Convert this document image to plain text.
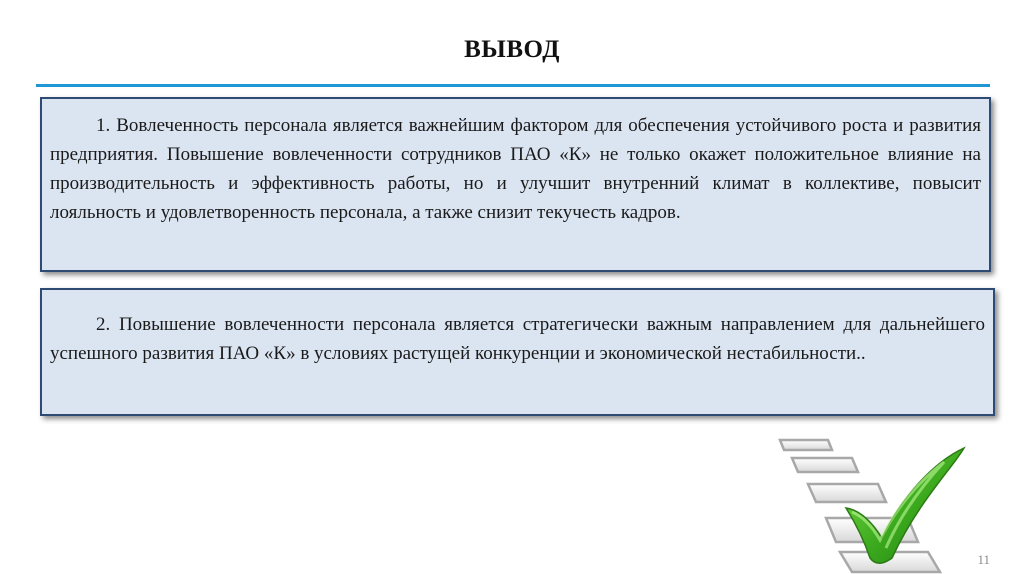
ВЫВОД
1. Вовлеченность персонала является важнейшим фактором для обеспечения устойчивого роста и развития предприятия. Повышение вовлеченности сотрудников ПАО «К» не только окажет положительное влияние на производительность и эффективность работы, но и улучшит внутренний климат в коллективе, повысит лояльность и удовлетворенность персонала, а также снизит текучесть кадров.
2. Повышение вовлеченности персонала является стратегически важным направлением для дальнейшего успешного развития ПАО «К» в условиях растущей конкуренции и экономической нестабильности..
11
